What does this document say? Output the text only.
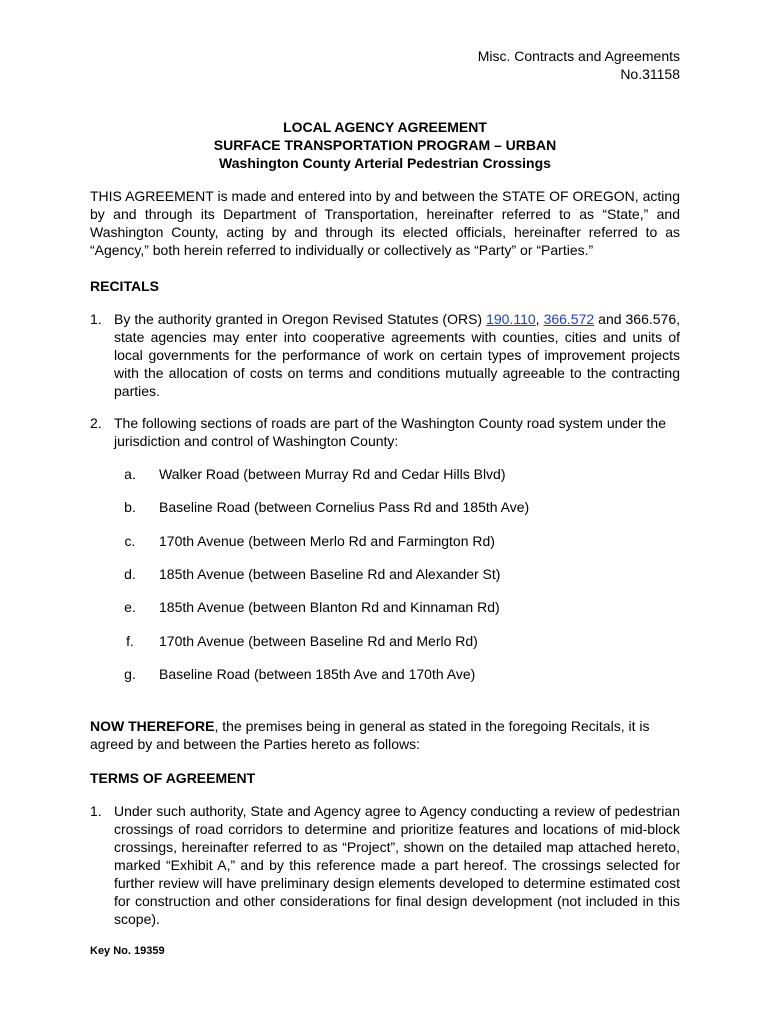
Misc. Contracts and Agreements
No.31158
LOCAL AGENCY AGREEMENT
SURFACE TRANSPORTATION PROGRAM – URBAN
Washington County Arterial Pedestrian Crossings
THIS AGREEMENT is made and entered into by and between the STATE OF OREGON, acting by and through its Department of Transportation, hereinafter referred to as “State,” and Washington County, acting by and through its elected officials, hereinafter referred to as “Agency,” both herein referred to individually or collectively as “Party” or “Parties.”
RECITALS
1. By the authority granted in Oregon Revised Statutes (ORS) 190.110, 366.572 and 366.576, state agencies may enter into cooperative agreements with counties, cities and units of local governments for the performance of work on certain types of improvement projects with the allocation of costs on terms and conditions mutually agreeable to the contracting parties.
2. The following sections of roads are part of the Washington County road system under the jurisdiction and control of Washington County:
a. Walker Road (between Murray Rd and Cedar Hills Blvd)
b. Baseline Road (between Cornelius Pass Rd and 185th Ave)
c.	170th Avenue (between Merlo Rd and Farmington Rd)
d. 185th Avenue (between Baseline Rd and Alexander St)
e. 185th Avenue (between Blanton Rd and Kinnaman Rd)
f.	170th Avenue (between Baseline Rd and Merlo Rd)
g. Baseline Road (between 185th Ave and 170th Ave)
NOW THEREFORE, the premises being in general as stated in the foregoing Recitals, it is agreed by and between the Parties hereto as follows:
TERMS OF AGREEMENT
1. Under such authority, State and Agency agree to Agency conducting a review of pedestrian crossings of road corridors to determine and prioritize features and locations of mid-block crossings, hereinafter referred to as “Project”, shown on the detailed map attached hereto, marked “Exhibit A,” and by this reference made a part hereof. The crossings selected for further review will have preliminary design elements developed to determine estimated cost for construction and other considerations for final design development (not included in this scope).
Key No. 19359
